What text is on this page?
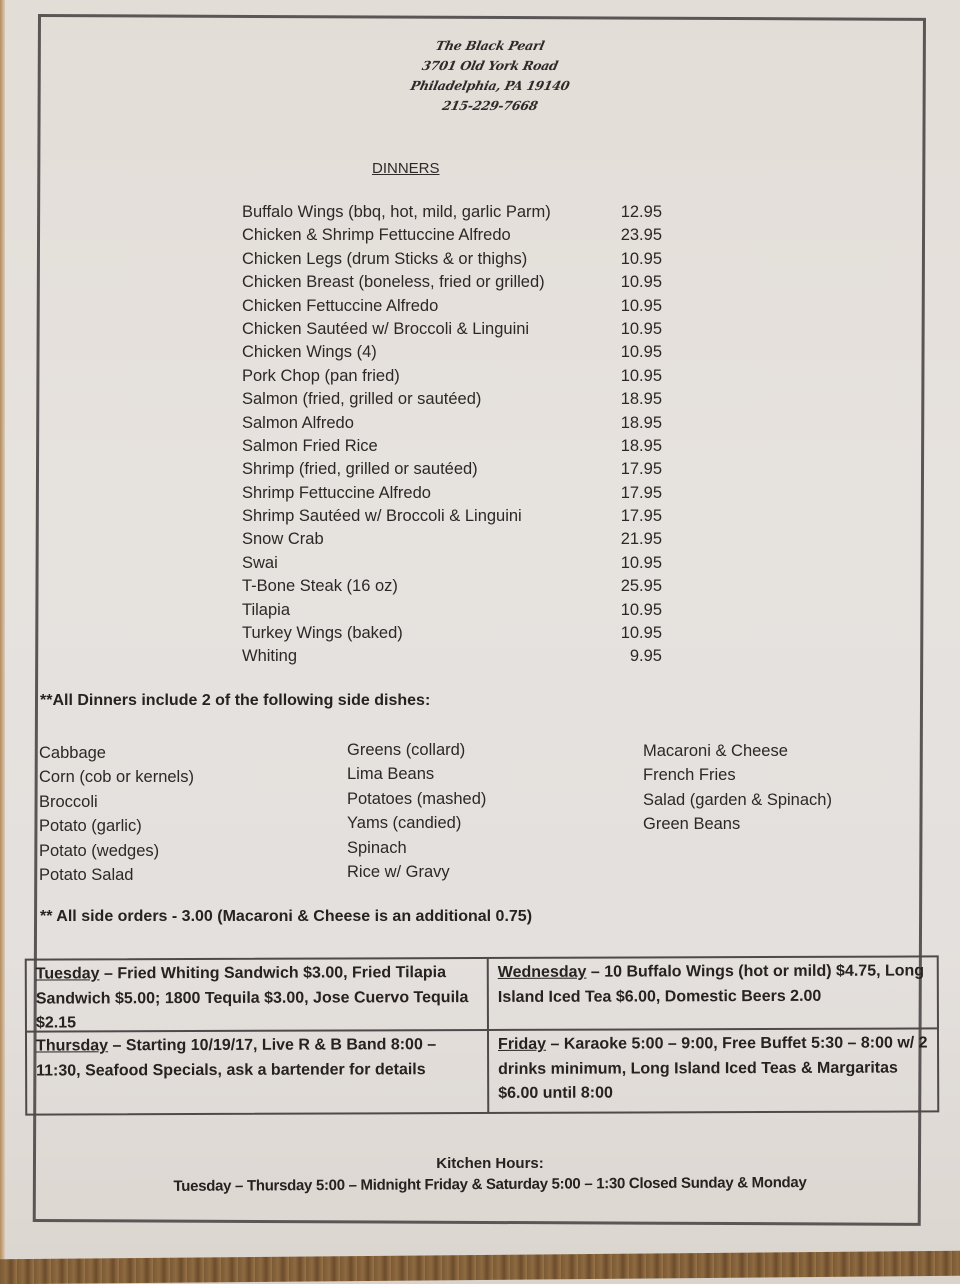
The Black Pearl
3701 Old York Road
Philadelphia, PA 19140
215-229-7668
DINNERS
Buffalo Wings (bbq, hot, mild, garlic Parm)	12.95
Chicken & Shrimp Fettuccine Alfredo	23.95
Chicken Legs (drum Sticks & or thighs)	10.95
Chicken Breast (boneless, fried or grilled)	10.95
Chicken Fettuccine Alfredo	10.95
Chicken Sautéed w/ Broccoli & Linguini	10.95
Chicken Wings (4)	10.95
Pork Chop (pan fried)	10.95
Salmon (fried, grilled or sautéed)	18.95
Salmon Alfredo	18.95
Salmon Fried Rice	18.95
Shrimp (fried, grilled or sautéed)	17.95
Shrimp Fettuccine Alfredo	17.95
Shrimp Sautéed w/ Broccoli & Linguini	17.95
Snow Crab	21.95
Swai	10.95
T-Bone Steak (16 oz)	25.95
Tilapia	10.95
Turkey Wings (baked)	10.95
Whiting	9.95
**All Dinners include 2 of the following side dishes:
Cabbage
Corn (cob or kernels)
Broccoli
Potato (garlic)
Potato (wedges)
Potato Salad
Greens (collard)
Lima Beans
Potatoes (mashed)
Yams (candied)
Spinach
Rice w/ Gravy
Macaroni & Cheese
French Fries
Salad (garden & Spinach)
Green Beans
** All side orders - 3.00 (Macaroni & Cheese is an additional 0.75)
Tuesday – Fried Whiting Sandwich $3.00, Fried Tilapia Sandwich $5.00; 1800 Tequila $3.00, Jose Cuervo Tequila $2.15
Wednesday – 10 Buffalo Wings (hot or mild) $4.75, Long Island Iced Tea $6.00, Domestic Beers 2.00
Thursday – Starting 10/19/17, Live R & B Band 8:00 – 11:30, Seafood Specials, ask a bartender for details
Friday – Karaoke 5:00 – 9:00, Free Buffet 5:30 – 8:00 w/ 2 drinks minimum, Long Island Iced Teas & Margaritas $6.00 until 8:00
Kitchen Hours:
Tuesday – Thursday 5:00 – Midnight Friday & Saturday 5:00 – 1:30 Closed Sunday & Monday
